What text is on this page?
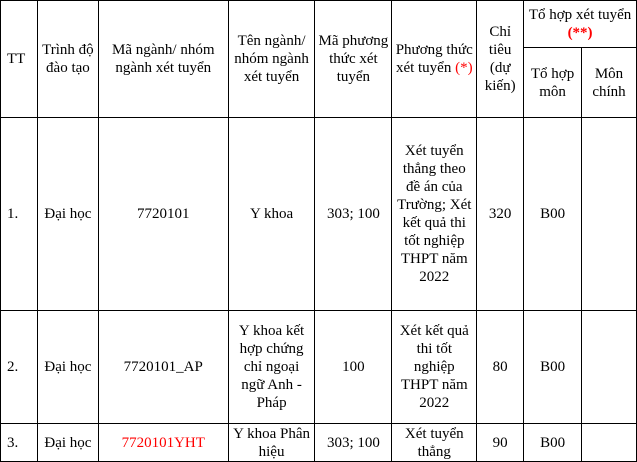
TT	Trình độ đào tạo	Mã ngành/ nhóm ngành xét tuyển	Tên ngành/ nhóm ngành xét tuyển	Mã phương thức xét tuyển	Phương thức xét tuyển (*)	Chỉ tiêu (dự kiến)	Tổ hợp xét tuyển (**)	
							Tổ hợp môn	Môn chính
1.	Đại học	7720101	Y khoa	303; 100	Xét tuyển thẳng theo đề án của Trường; Xét kết quả thi tốt nghiệp THPT năm 2022	320	B00	
2.	Đại học	7720101_AP	Y khoa kết hợp chứng chỉ ngoại ngữ Anh - Pháp	100	Xét kết quả thi tốt nghiệp THPT năm 2022	80	B00	
3.	Đại học	7720101YHT	Y khoa Phân hiệu	303; 100	Xét tuyển thẳng	90	B00	
